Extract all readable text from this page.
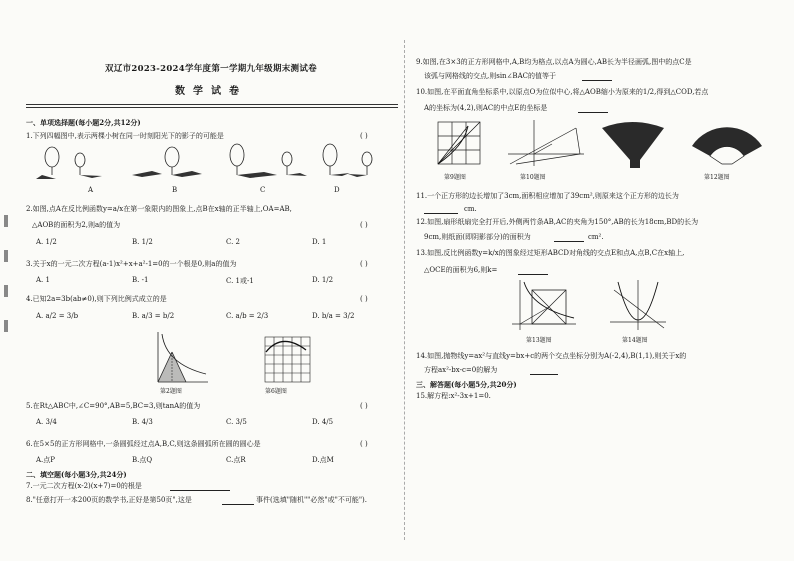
双辽市2023-2024学年度第一学期九年级期末测试卷
数学试卷
一、单项选择题(每小题2分,共12分)
1.下列四幅图中,表示两棵小树在同一时刻阳光下的影子的可能是	( )
A	B	C	D
2.如图,点A在反比例函数y=a/x在第一象限内的图象上,点B在x轴的正半轴上,OA=AB,
△AOB的面积为2,则a的值为	( )
A. 1/2	B. 1/2	C. 2	D. 1
3.关于x的一元二次方程(a-1)x²+x+a²-1=0的一个根是0,则a的值为	( )
A. 1	B. -1	C. 1或-1	D. 1/2
4.已知2a=3b(ab≠0),则下列比例式成立的是	( )
A. a/2 = 3/b	B. a/3 = b/2	C. a/b = 2/3	D. b/a = 3/2
第2题图	第6题图
5.在Rt△ABC中,∠C=90°,AB=5,BC=3,则tanA的值为	( )
A. 3/4	B. 4/3	C. 3/5	D. 4/5
6.在5×5的正方形网格中,一条圆弧经过点A,B,C,则这条圆弧所在圆的圆心是	( )
A.点P	B.点Q	C.点R	D.点M
二、填空题(每小题3分,共24分)
7.一元二次方程(x-2)(x+7)=0的根是
8."任意打开一本200页的数学书,正好是第50页",这是	事件(选填"随机""必然"或"不可能").
9.如图,在3×3的正方形网格中,A,B均为格点,以点A为圆心,AB长为半径画弧,图中的点C是
该弧与网格线的交点,则sin∠BAC的值等于
10.如图,在平面直角坐标系中,以原点O为位似中心,将△AOB缩小为原来的1/2,得到△COD,若点
A的坐标为(4,2),则AC的中点E的坐标是
第9题图	第10题图	第12题图
11.一个正方形的边长增加了3cm,面积相应增加了39cm²,则原来这个正方形的边长为
cm.
12.如图,扇形纸扇完全打开后,外侧两竹条AB,AC的夹角为150°,AB的长为18cm,BD的长为
9cm,则纸面(即阴影部分)的面积为	cm².
13.如图,反比例函数y=k/x的图象经过矩形ABCD对角线的交点E和点A,点B,C在x轴上,
△OCE的面积为6,则k=
第13题图	第14题图
14.如图,抛物线y=ax²与直线y=bx+c的两个交点坐标分别为A(-2,4),B(1,1),则关于x的
方程ax²-bx-c=0的解为
三、解答题(每小题5分,共20分)
15.解方程:x²-3x+1=0.
